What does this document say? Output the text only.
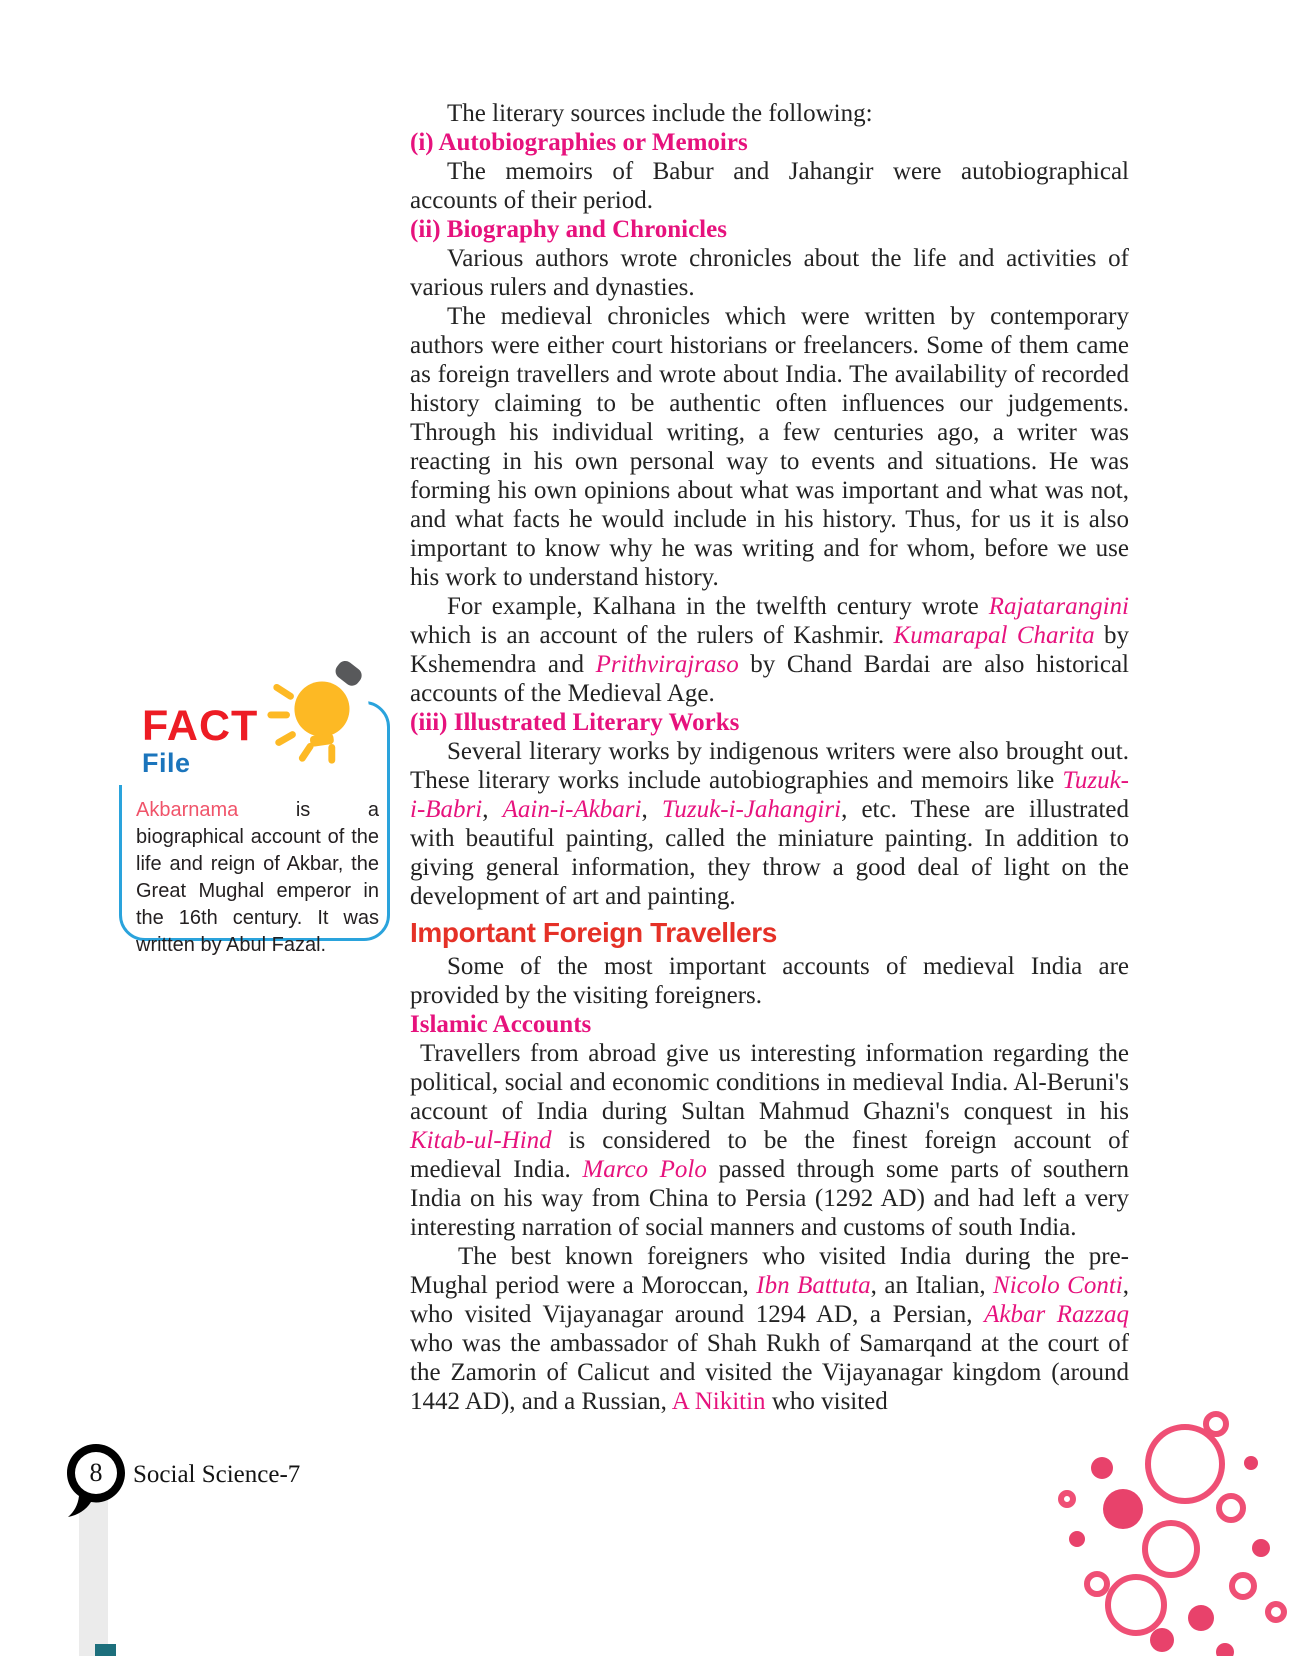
The literary sources include the following:

(i) Autobiographies or Memoirs

The memoirs of Babur and Jahangir were autobiographical accounts of their period.

(ii) Biography and Chronicles

Various authors wrote chronicles about the life and activities of various rulers and dynasties.

The medieval chronicles which were written by contemporary authors were either court historians or freelancers. Some of them came as foreign travellers and wrote about India. The availability of recorded history claiming to be authentic often influences our judgements. Through his individual writing, a few centuries ago, a writer was reacting in his own personal way to events and situations. He was forming his own opinions about what was important and what was not, and what facts he would include in his history. Thus, for us it is also important to know why he was writing and for whom, before we use his work to understand history.

For example, Kalhana in the twelfth century wrote Rajatarangini which is an account of the rulers of Kashmir. Kumarapal Charita by Kshemendra and Prithvirajraso by Chand Bardai are also historical accounts of the Medieval Age.

(iii) Illustrated Literary Works

Several literary works by indigenous writers were also brought out. These literary works include autobiographies and memoirs like Tuzuk-i-Babri, Aain-i-Akbari, Tuzuk-i-Jahangiri, etc. These are illustrated with beautiful painting, called the miniature painting. In addition to giving general information, they throw a good deal of light on the development of art and painting.

Important Foreign Travellers

Some of the most important accounts of medieval India are provided by the visiting foreigners.

Islamic Accounts

Travellers from abroad give us interesting information regarding the political, social and economic conditions in medieval India. Al-Beruni's account of India during Sultan Mahmud Ghazni's conquest in his Kitab-ul-Hind is considered to be the finest foreign account of medieval India. Marco Polo passed through some parts of southern India on his way from China to Persia (1292 AD) and had left a very interesting narration of social manners and customs of south India.

The best known foreigners who visited India during the pre-Mughal period were a Moroccan, Ibn Battuta, an Italian, Nicolo Conti, who visited Vijayanagar around 1294 AD, a Persian, Akbar Razzaq who was the ambassador of Shah Rukh of Samarqand at the court of the Zamorin of Calicut and visited the Vijayanagar kingdom (around 1442 AD), and a Russian, A Nikitin who visited

FACT
File

Akbarnama is a biographical account of the life and reign of Akbar, the Great Mughal emperor in the 16th century. It was written by Abul Fazal.

8	Social Science-7
